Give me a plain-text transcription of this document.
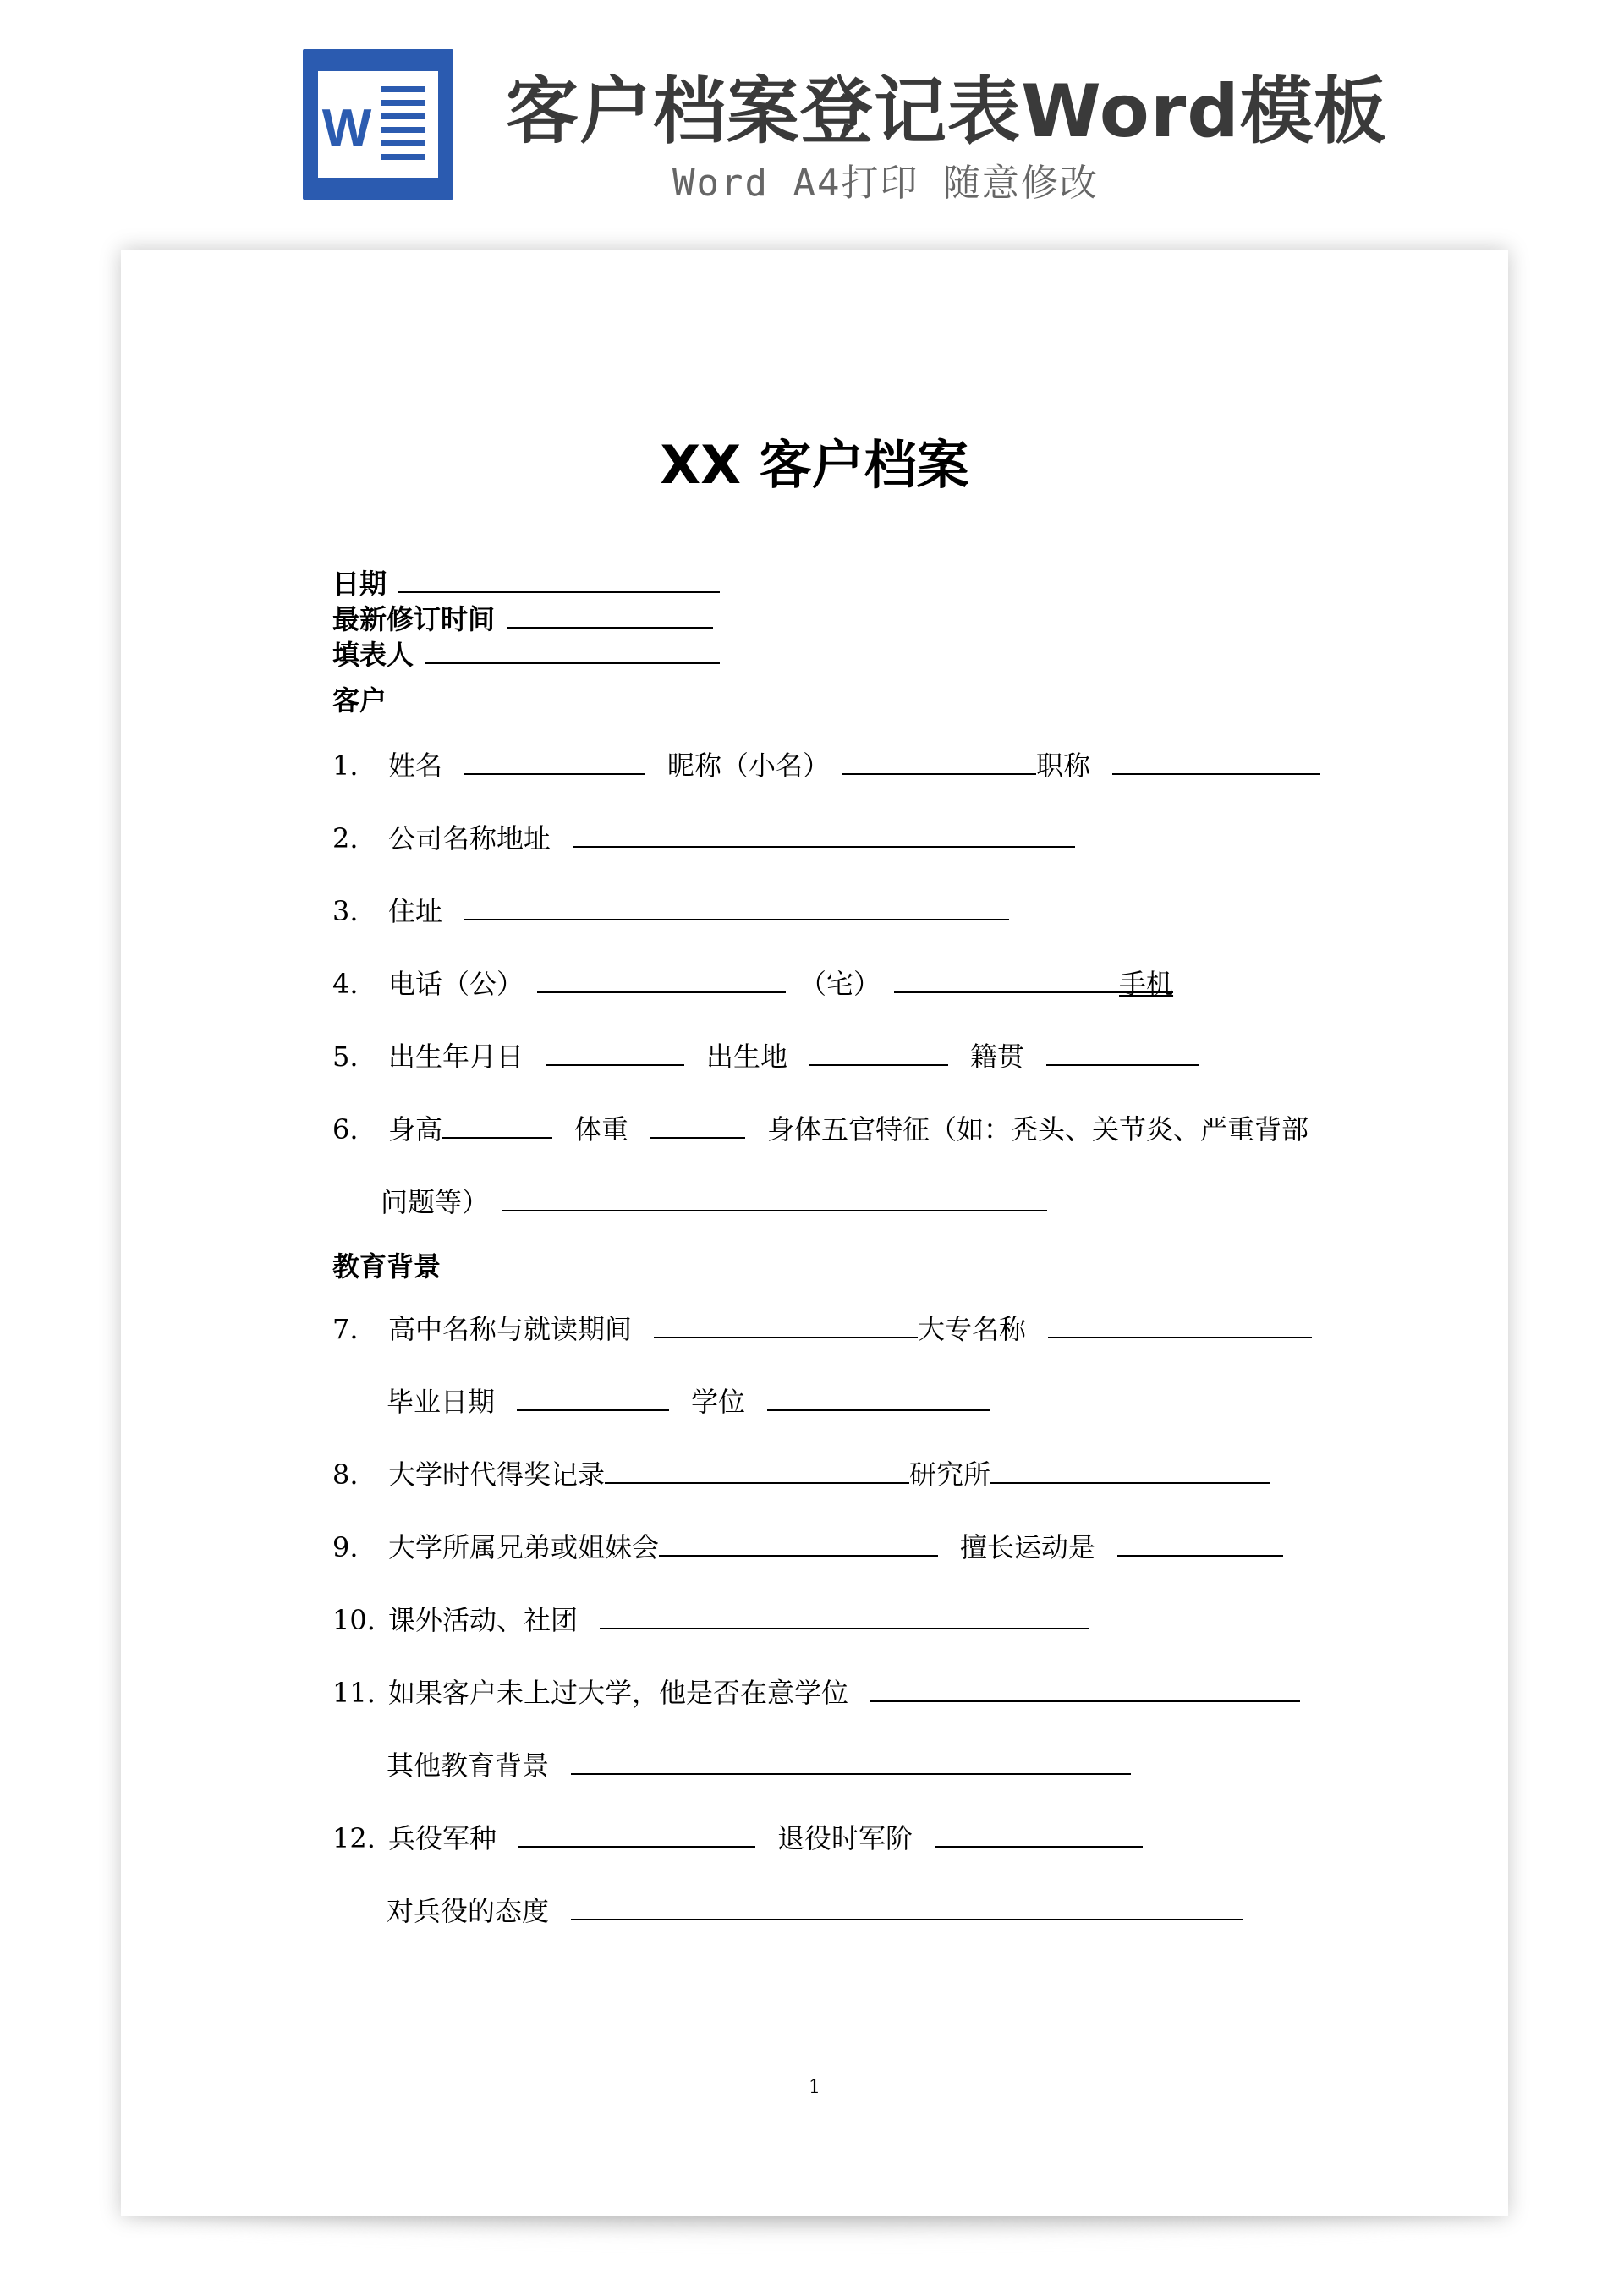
W 客户档案登记表Word模板
Word A4打印 随意修改
XX 客户档案
日期
最新修订时间
填表人
客户
1. 姓名	昵称（小名）	职称
2. 公司名称地址
3. 住址
4. 电话（公）	（宅）	手机
5. 出生年月日	出生地	籍贯
6. 身高	体重	身体五官特征（如：秃头、关节炎、严重背部
问题等）
教育背景
7. 高中名称与就读期间	大专名称
毕业日期	学位
8. 大学时代得奖记录	研究所
9. 大学所属兄弟或姐妹会	擅长运动是
10. 课外活动、社团
11. 如果客户未上过大学，他是否在意学位
其他教育背景
12. 兵役军种	退役时军阶
对兵役的态度
1
